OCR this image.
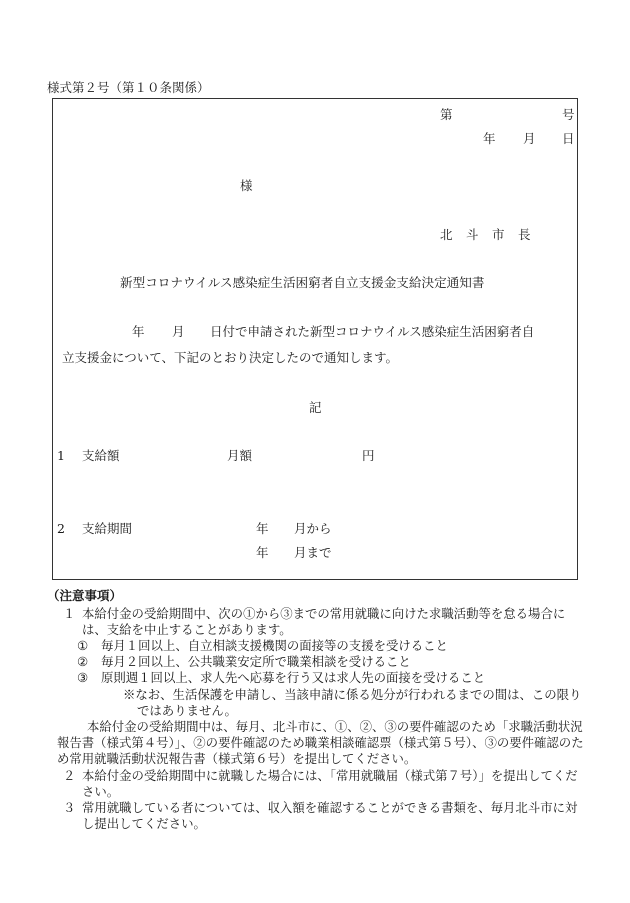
様式第２号（第１０条関係）
第	号
年 月 日
様
北　斗　市　長
新型コロナウイルス感染症生活困窮者自立支援金支給決定通知書
年 月 日付で申請された新型コロナウイルス感染症生活困窮者自
立支援金について、下記のとおり決定したので通知します。
記
1 支給額	月額	円
2 支給期間	年 月から
年 月まで
（注意事項）
１ 本給付金の受給期間中、次の①から③までの常用就職に向けた求職活動等を怠る場合には、支給を中止することがあります。

① 毎月１回以上、自立相談支援機関の面接等の支援を受けること
② 毎月２回以上、公共職業安定所で職業相談を受けること
③ 原則週１回以上、求人先へ応募を行う又は求人先の面接を受けること

※なお、生活保護を申請し、当該申請に係る処分が行われるまでの間は、この限りではありません。

本給付金の受給期間中は、毎月、北斗市に、①、②、③の要件確認のため「求職活動状況報告書（様式第４号）」、②の要件確認のため職業相談確認票（様式第５号）、③の要件確認のため常用就職活動状況報告書（様式第６号）を提出してください。

２ 本給付金の受給期間中に就職した場合には、「常用就職届（様式第７号）」を提出してください。

３ 常用就職している者については、収入額を確認することができる書類を、毎月北斗市に対し提出してください。
